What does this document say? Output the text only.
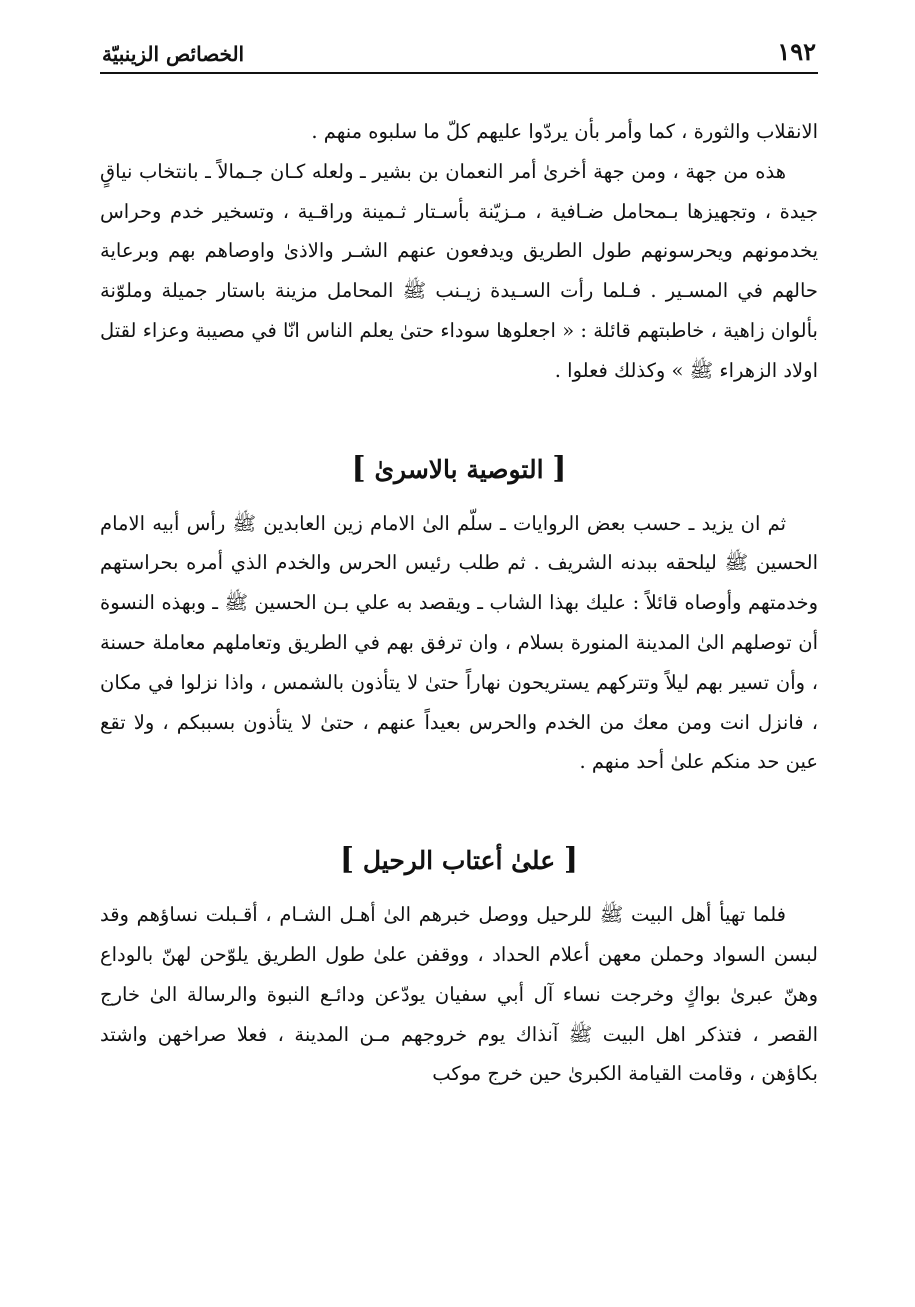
١٩٢
الخصائص الزينبيّة

الانقلاب والثورة ، كما وأمر بأن يردّوا عليهم كلّ ما سلبوه منهم .

هذه من جهة ، ومن جهة أخرىٰ أمر النعمان بن بشير ـ ولعله كـان جـمالاً ـ بانتخاب نياقٍ جيدة ، وتجهيزها بـمحامل ضـافية ، مـزيّنة بأسـتار ثـمينة وراقـية ، وتسخير خدم وحراس يخدمونهم ويحرسونهم طول الطريق ويدفعون عنهم الشـر والاذىٰ واوصاهم بهم وبرعاية حالهم في المسـير . فـلما رأت السـيدة زيـنب ﷺ المحامل مزينة باستار جميلة وملوّنة بألوان زاهية ، خاطبتهم قائلة : « اجعلوها سوداء حتىٰ يعلم الناس انّا في مصيبة وعزاء لقتل اولاد الزهراء ﷺ » وكذلك فعلوا .

[ التوصية بالاسرىٰ ]

ثم ان يزيد ـ حسب بعض الروايات ـ سلّم الىٰ الامام زين العابدين ﷺ رأس أبيه الامام الحسين ﷺ ليلحقه ببدنه الشريف . ثم طلب رئيس الحرس والخدم الذي أمره بحراستهم وخدمتهم وأوصاه قائلاً : عليك بهذا الشاب ـ ويقصد به علي بـن الحسين ﷺ ـ وبهذه النسوة أن توصلهم الىٰ المدينة المنورة بسلام ، وان ترفق بهم في الطريق وتعاملهم معاملة حسنة ، وأن تسير بهم ليلاً وتتركهم يستريحون نهاراً حتىٰ لا يتأذون بالشمس ، واذا نزلوا في مكان ، فانزل انت ومن معك من الخدم والحرس بعيداً عنهم ، حتىٰ لا يتأذون بسببكم ، ولا تقع عين حد منكم علىٰ أحد منهم .

[ علىٰ أعتاب الرحيل ]

فلما تهيأ أهل البيت ﷺ للرحيل ووصل خبرهم الىٰ أهـل الشـام ، أقـبلت نساؤهم وقد لبسن السواد وحملن معهن أعلام الحداد ، ووقفن علىٰ طول الطريق يلوّحن لهنّ بالوداع وهنّ عبرىٰ بواكٍ وخرجت نساء آل أبي سفيان يودّعن ودائـع النبوة والرسالة الىٰ خارج القصر ، فتذكر اهل البيت ﷺ آنذاك يوم خروجهم مـن المدينة ، فعلا صراخهن واشتد بكاؤهن ، وقامت القيامة الكبرىٰ حين خرج موكب
